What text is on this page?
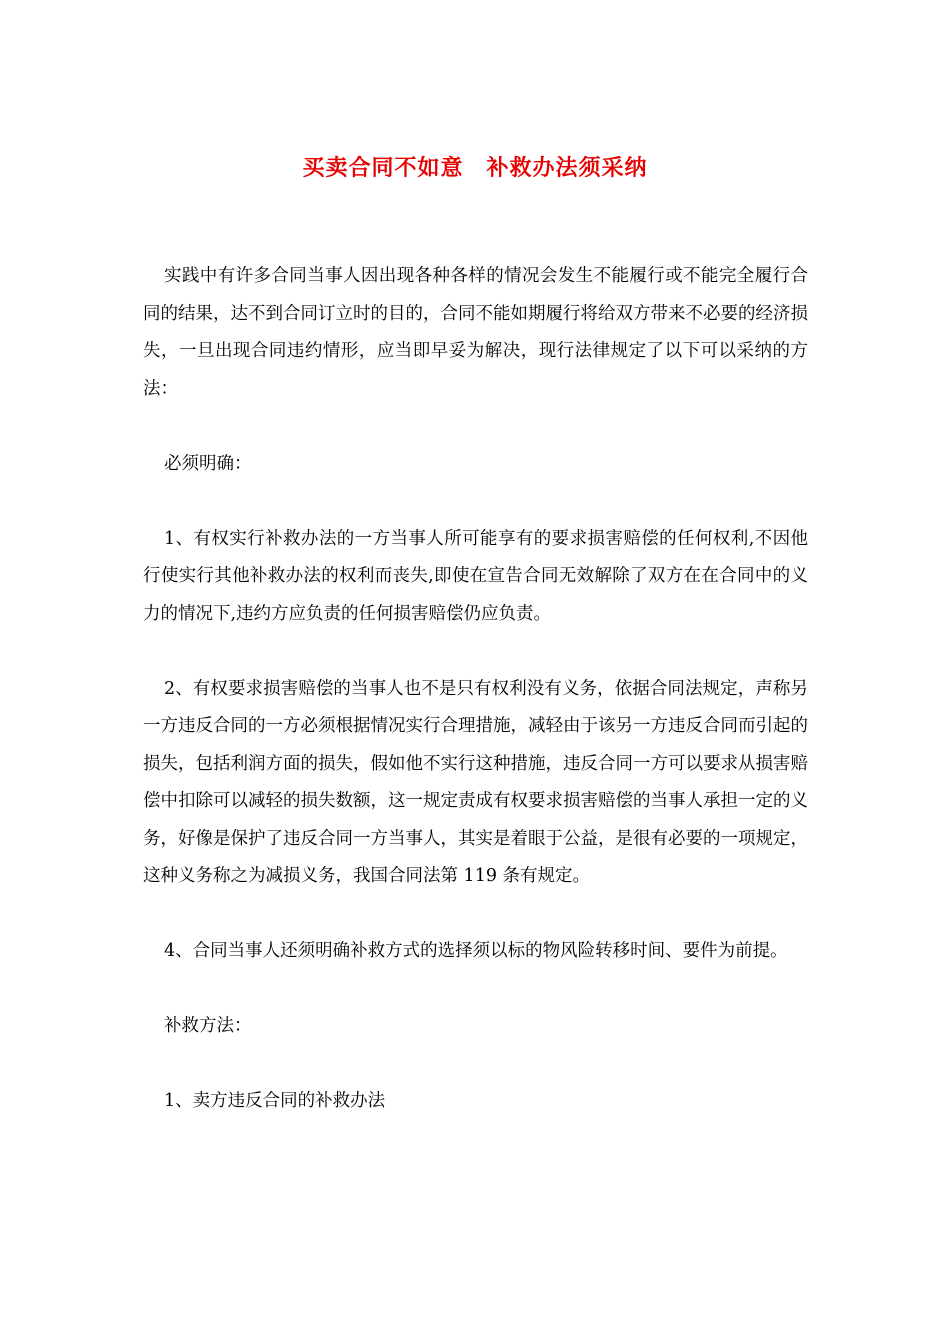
买卖合同不如意　补救办法须采纳

实践中有许多合同当事人因出现各种各样的情况会发生不能履行或不能完全履行合同的结果，达不到合同订立时的目的，合同不能如期履行将给双方带来不必要的经济损失，一旦出现合同违约情形，应当即早妥为解决，现行法律规定了以下可以采纳的方法：

必须明确：

1、有权实行补救办法的一方当事人所可能享有的要求损害赔偿的任何权利,不因他行使实行其他补救办法的权利而丧失,即使在宣告合同无效解除了双方在在合同中的义力的情况下,违约方应负责的任何损害赔偿仍应负责。

2、有权要求损害赔偿的当事人也不是只有权利没有义务，依据合同法规定，声称另一方违反合同的一方必须根据情况实行合理措施，减轻由于该另一方违反合同而引起的损失，包括利润方面的损失，假如他不实行这种措施，违反合同一方可以要求从损害赔偿中扣除可以减轻的损失数额，这一规定责成有权要求损害赔偿的当事人承担一定的义务，好像是保护了违反合同一方当事人，其实是着眼于公益，是很有必要的一项规定，这种义务称之为减损义务，我国合同法第 119 条有规定。

4、合同当事人还须明确补救方式的选择须以标的物风险转移时间、要件为前提。

补救方法：

1、卖方违反合同的补救办法
